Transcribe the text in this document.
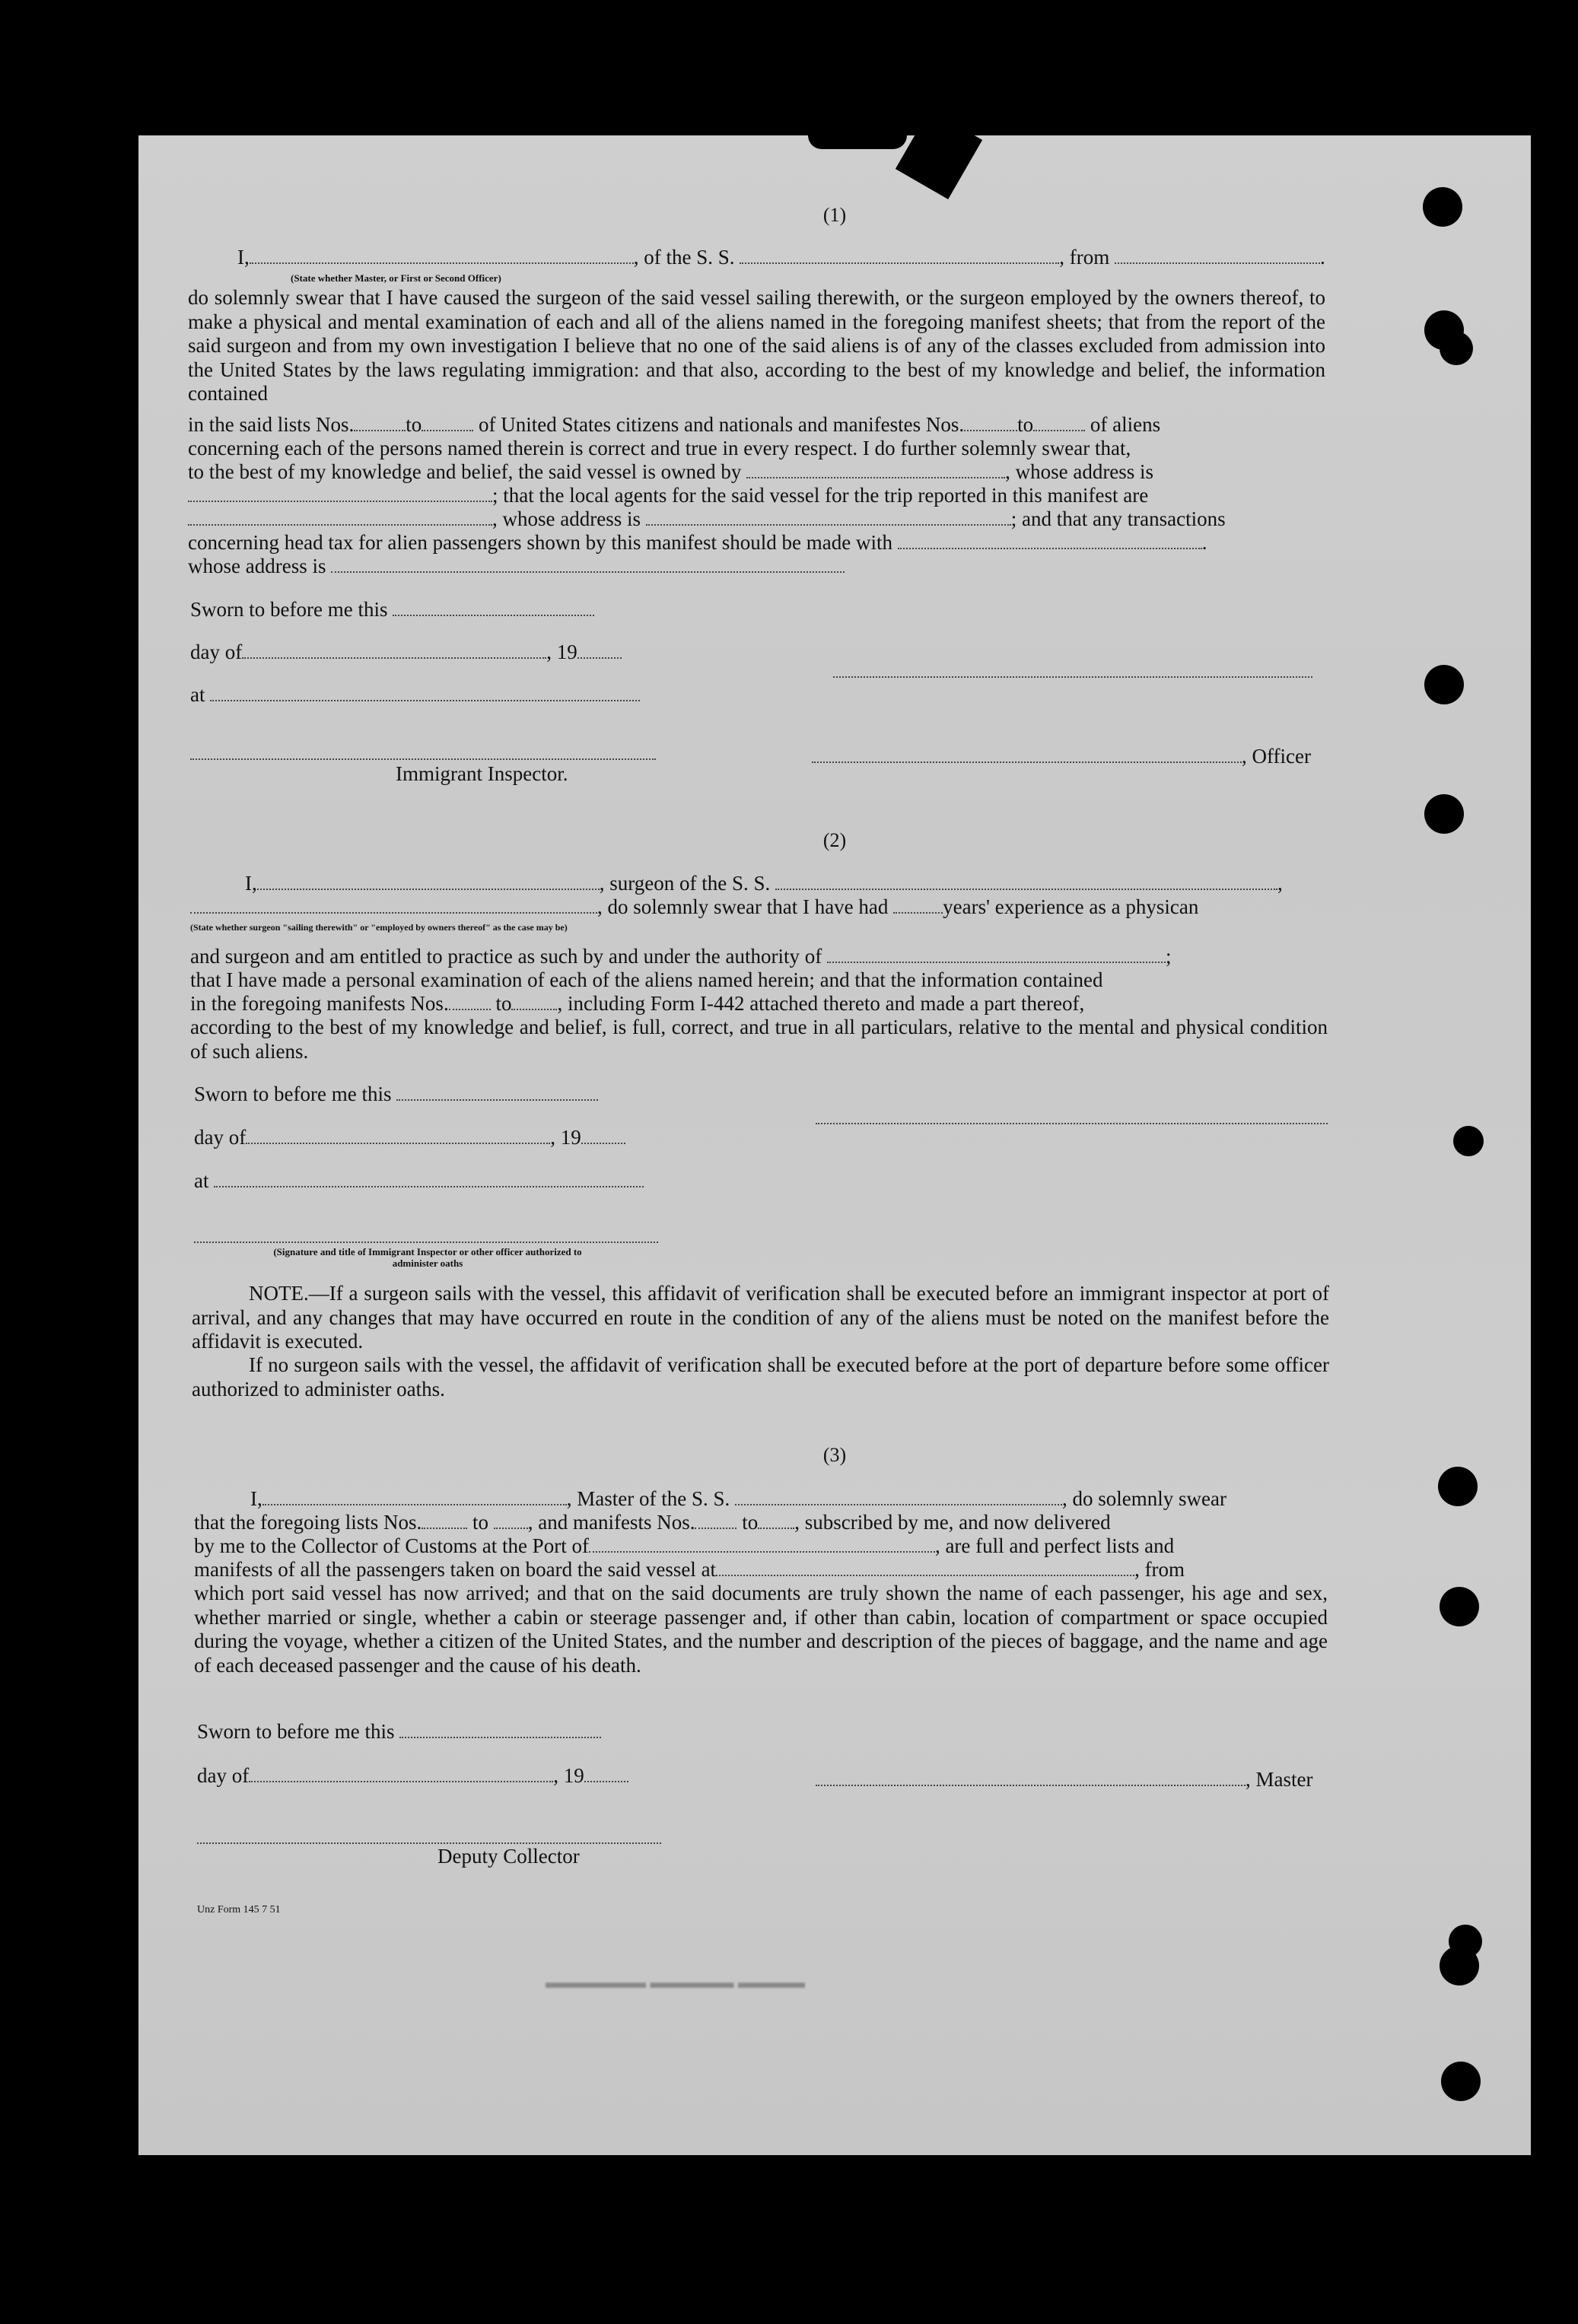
(1)
I,	, of the S. S.	, from	.
(State whether Master, or First or Second Officer)
do solemnly swear that I have caused the surgeon of the said vessel sailing therewith, or the surgeon employed by the owners thereof, to make a physical and mental examination of each and all of the aliens named in the foregoing manifest sheets; that from the report of the said surgeon and from my own investigation I believe that no one of the said aliens is of any of the classes excluded from admission into the United States by the laws regulating immigration: and that also, according to the best of my knowledge and belief, the information contained
in the said lists Nos.	to	of United States citizens and nationals and manifestes Nos.	to	of aliens
concerning each of the persons named therein is correct and true in every respect. I do further solemnly swear that,
to the best of my knowledge and belief, the said vessel is owned by	, whose address is
; that the local agents for the said vessel for the trip reported in this manifest are
, whose address is	; and that any transactions
concerning head tax for alien passengers shown by this manifest should be made with	.
whose address is
Sworn to before me this
day of	, 19
at
Immigrant Inspector.
, Officer
(2)
I,	, surgeon of the S. S.	,
, do solemnly swear that I have had	years' experience as a physican
(State whether surgeon "sailing therewith" or "employed by owners thereof" as the case may be)
and surgeon and am entitled to practice as such by and under the authority of	;
that I have made a personal examination of each of the aliens named herein; and that the information contained
in the foregoing manifests Nos. to , including Form I-442 attached thereto and made a part thereof,
according to the best of my knowledge and belief, is full, correct, and true in all particulars, relative to the mental and physical condition of such aliens.
Sworn to before me this
day of	, 19
at
(Signature and title of Immigrant Inspector or other officer authorized to administer oaths
NOTE.—If a surgeon sails with the vessel, this affidavit of verification shall be executed before an immigrant inspector at port of arrival, and any changes that may have occurred en route in the condition of any of the aliens must be noted on the manifest before the affidavit is executed.
If no surgeon sails with the vessel, the affidavit of verification shall be executed before at the port of departure before some officer authorized to administer oaths.
(3)
I,	, Master of the S. S.	, do solemnly swear
that the foregoing lists Nos. to , and manifests Nos. to , subscribed by me, and now delivered
by me to the Collector of Customs at the Port of	, are full and perfect lists and
manifests of all the passengers taken on board the said vessel at	, from
which port said vessel has now arrived; and that on the said documents are truly shown the name of each passenger, his age and sex, whether married or single, whether a cabin or steerage passenger and, if other than cabin, location of compartment or space occupied during the voyage, whether a citizen of the United States, and the number and description of the pieces of baggage, and the name and age of each deceased passenger and the cause of his death.
Sworn to before me this
day of	, 19	, Master
Deputy Collector
Unz Form 145 7 51
▬▬▬▬ ▬▬▬▬▬ ▬▬▬▬▬▬
